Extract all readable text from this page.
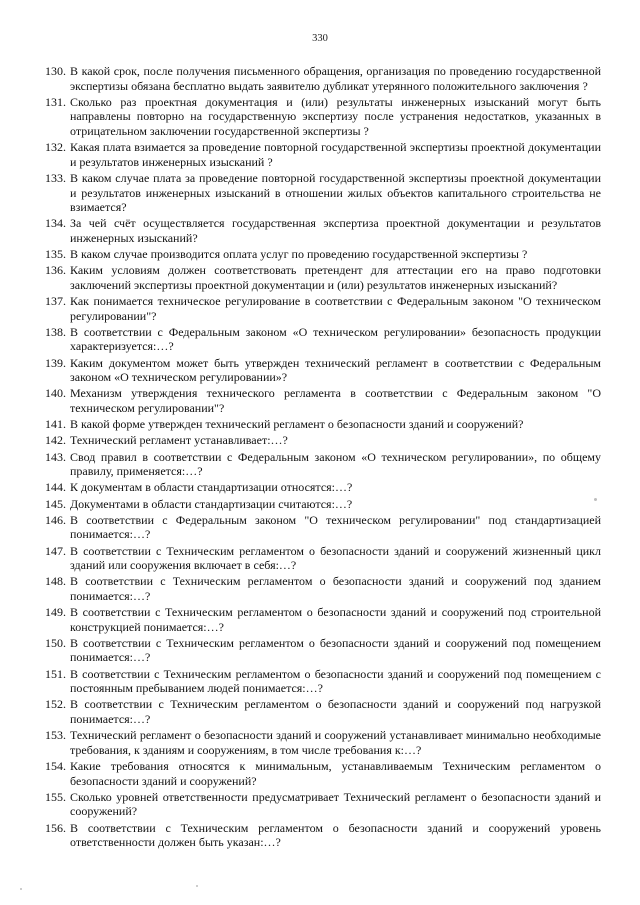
330
130. В какой срок, после получения письменного обращения, организация по проведению государственной экспертизы обязана бесплатно выдать заявителю дубликат утерянного положительного заключения ?
131. Сколько раз проектная документация и (или) результаты инженерных изысканий могут быть направлены повторно на государственную экспертизу после устранения недостатков, указанных в отрицательном заключении государственной экспертизы ?
132. Какая плата взимается за проведение повторной государственной экспертизы проектной документации и результатов инженерных изысканий ?
133. В каком случае плата за проведение повторной государственной экспертизы проектной документации и результатов инженерных изысканий в отношении жилых объектов капитального строительства не взимается?
134. За чей счёт осуществляется государственная экспертиза проектной документации и результатов инженерных изысканий?
135. В каком случае производится оплата услуг по проведению государственной экспертизы ?
136. Каким условиям должен соответствовать претендент для аттестации его на право подготовки заключений экспертизы проектной документации и (или) результатов инженерных изысканий?
137. Как понимается техническое регулирование в соответствии с Федеральным законом "О техническом регулировании"?
138. В соответствии с Федеральным законом «О техническом регулировании» безопасность продукции характеризуется:…?
139. Каким документом может быть утвержден технический регламент в соответствии с Федеральным законом «О техническом регулировании»?
140. Механизм утверждения технического регламента в соответствии с Федеральным законом "О техническом регулировании"?
141. В какой форме утвержден технический регламент о безопасности зданий и сооружений?
142. Технический регламент устанавливает:…?
143. Свод правил в соответствии с Федеральным законом «О техническом регулировании», по общему правилу, применяется:…?
144. К документам в области стандартизации относятся:…?
145. Документами в области стандартизации считаются:…?
146. В соответствии с Федеральным законом "О техническом регулировании" под стандартизацией понимается:…?
147. В соответствии с Техническим регламентом о безопасности зданий и сооружений жизненный цикл зданий или сооружения включает в себя:…?
148. В соответствии с Техническим регламентом о безопасности зданий и сооружений под зданием понимается:…?
149. В соответствии с Техническим регламентом о безопасности зданий и сооружений под строительной конструкцией понимается:…?
150. В соответствии с Техническим регламентом о безопасности зданий и сооружений под помещением понимается:…?
151. В соответствии с Техническим регламентом о безопасности зданий и сооружений под помещением с постоянным пребыванием людей понимается:…?
152. В соответствии с Техническим регламентом о безопасности зданий и сооружений под нагрузкой понимается:…?
153. Технический регламент о безопасности зданий и сооружений устанавливает минимально необходимые требования, к зданиям и сооружениям, в том числе требования к:…?
154. Какие требования относятся к минимальным, устанавливаемым Техническим регламентом о безопасности зданий и сооружений?
155. Сколько уровней ответственности предусматривает Технический регламент о безопасности зданий и сооружений?
156. В соответствии с Техническим регламентом о безопасности зданий и сооружений уровень ответственности должен быть указан:…?
